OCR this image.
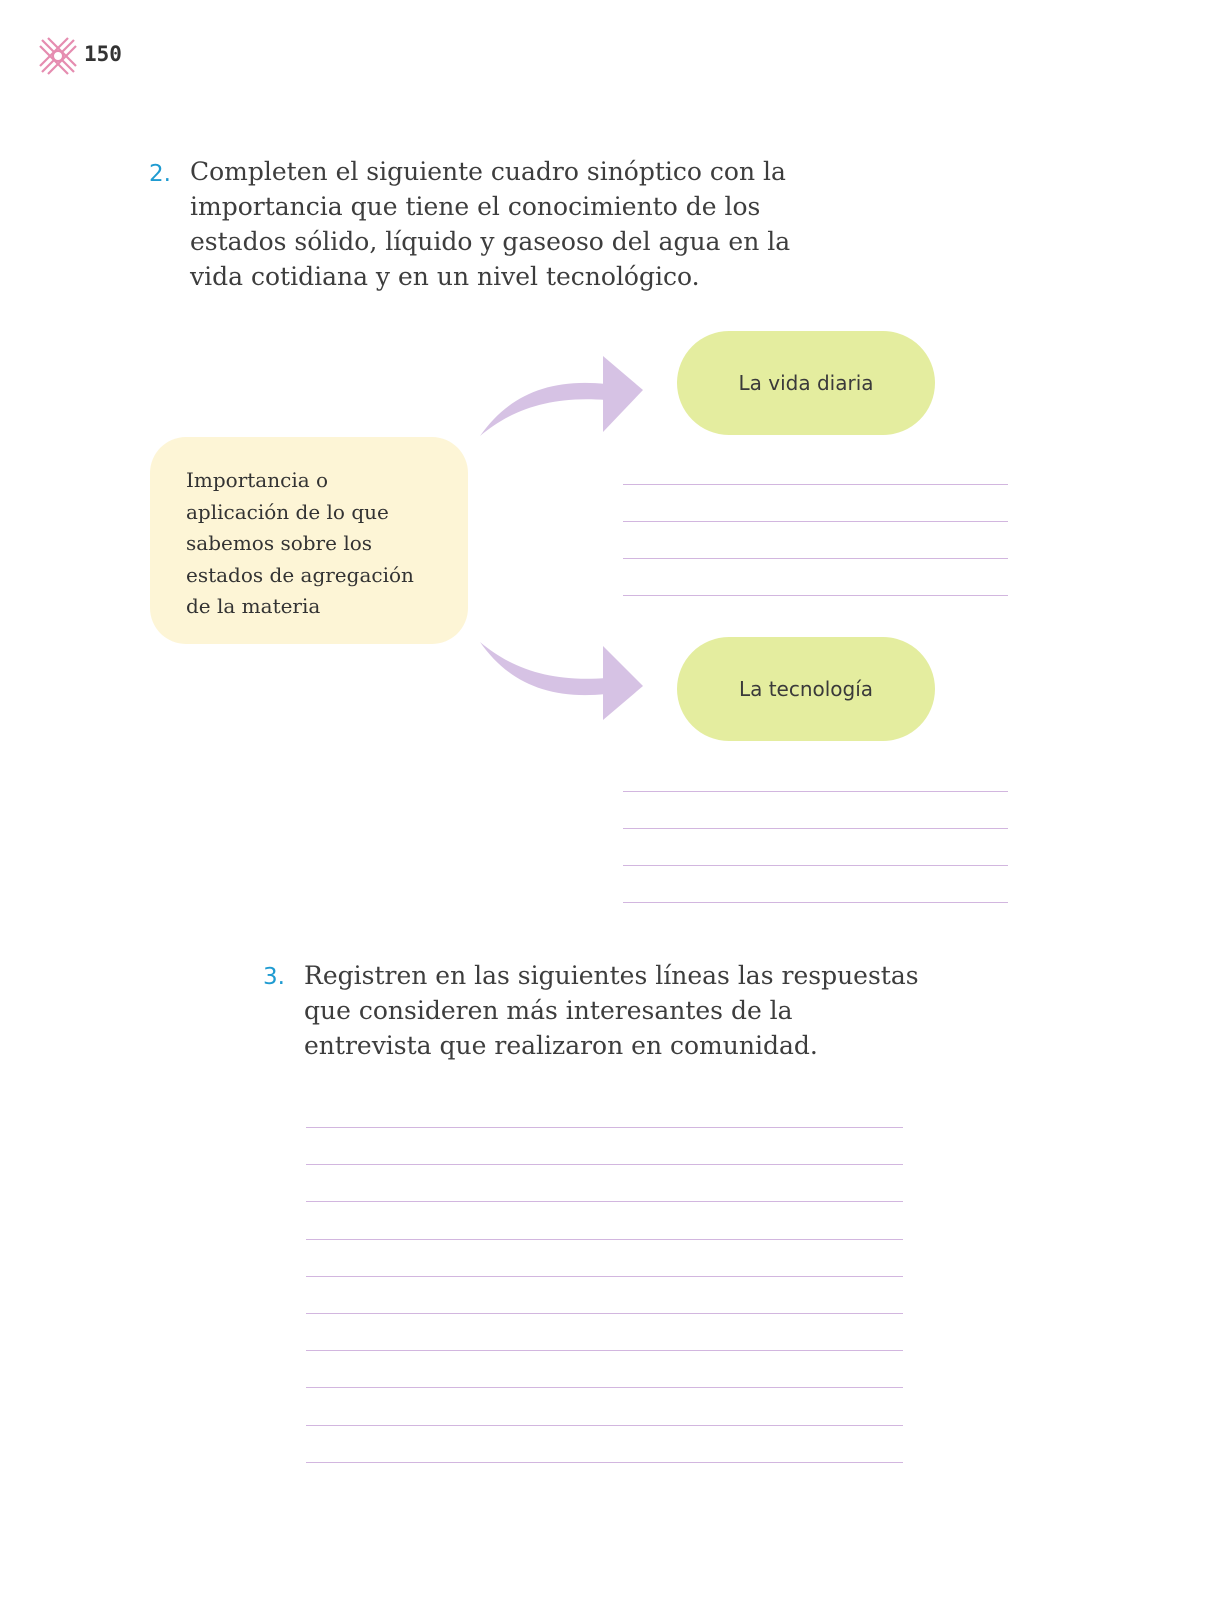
150
2. Completen el siguiente cuadro sinóptico con la

importancia que tiene el conocimiento de los

estados sólido, líquido y gaseoso del agua en la

vida cotidiana y en un nivel tecnológico.

Importancia o
aplicación de lo que
sabemos sobre los
estados de agregación
de la materia

La vida diaria
La tecnología
3. Registren en las siguientes líneas las respuestas

que consideren más interesantes de la

entrevista que realizaron en comunidad.
